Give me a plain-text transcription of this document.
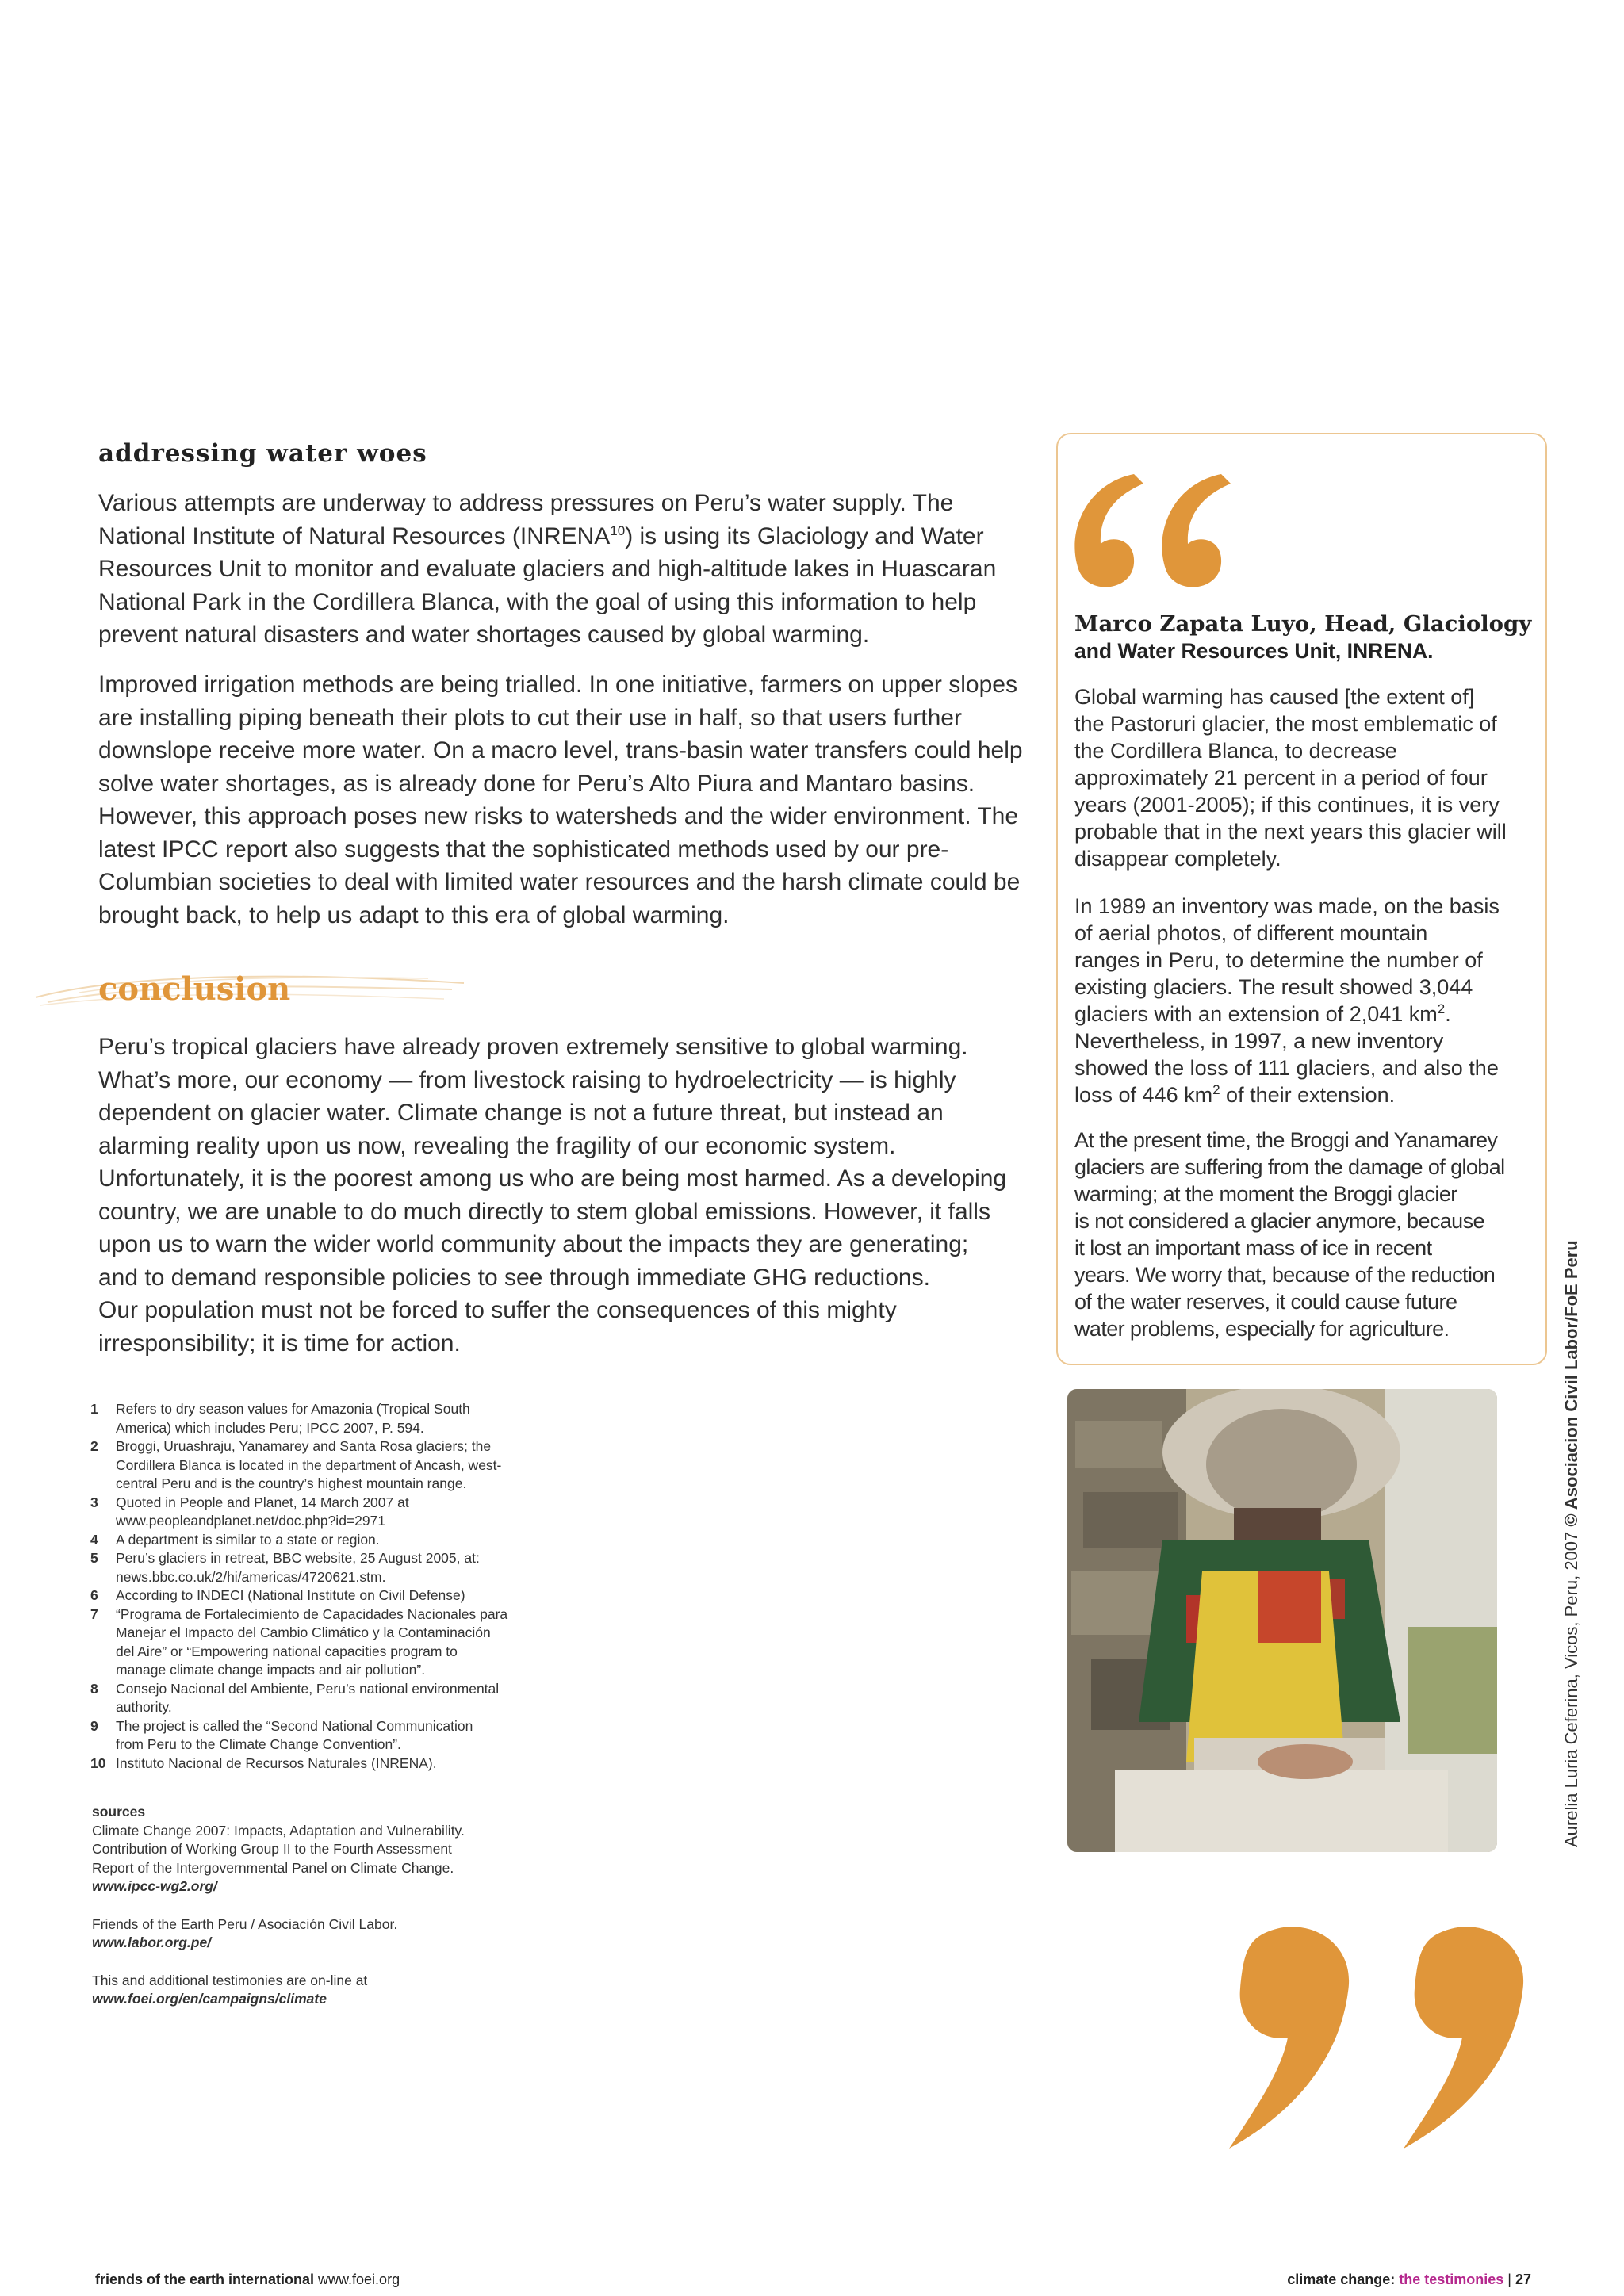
addressing water woes

Various attempts are underway to address pressures on Peru’s water supply. The
National Institute of Natural Resources (INRENA$^{10}$) is using its Glaciology and Water
Resources Unit to monitor and evaluate glaciers and high-altitude lakes in Huascaran
National Park in the Cordillera Blanca, with the goal of using this information to help
prevent natural disasters and water shortages caused by global warming.

Improved irrigation methods are being trialled. In one initiative, farmers on upper slopes
are installing piping beneath their plots to cut their use in half, so that users further
downslope receive more water. On a macro level, trans-basin water transfers could help
solve water shortages, as is already done for Peru’s Alto Piura and Mantaro basins.
However, this approach poses new risks to watersheds and the wider environment. The
latest IPCC report also suggests that the sophisticated methods used by our pre-
Columbian societies to deal with limited water resources and the harsh climate could be
brought back, to help us adapt to this era of global warming.

conclusion

Peru’s tropical glaciers have already proven extremely sensitive to global warming.
What’s more, our economy — from livestock raising to hydroelectricity — is highly
dependent on glacier water. Climate change is not a future threat, but instead an
alarming reality upon us now, revealing the fragility of our economic system.
Unfortunately, it is the poorest among us who are being most harmed. As a developing
country, we are unable to do much directly to stem global emissions. However, it falls
upon us to warn the wider world community about the impacts they are generating;
and to demand responsible policies to see through immediate GHG reductions.
Our population must not be forced to suffer the consequences of this mighty
irresponsibility; it is time for action.

1 Refers to dry season values for Amazonia (Tropical South
America) which includes Peru; IPCC 2007, P. 594.
2 Broggi, Uruashraju, Yanamarey and Santa Rosa glaciers; the
Cordillera Blanca is located in the department of Ancash, west-
central Peru and is the country’s highest mountain range.
3 Quoted in People and Planet, 14 March 2007 at
www.peopleandplanet.net/doc.php?id=2971
4 A department is similar to a state or region.
5 Peru’s glaciers in retreat, BBC website, 25 August 2005, at:
news.bbc.co.uk/2/hi/americas/4720621.stm.
6 According to INDECI (National Institute on Civil Defense)
7 “Programa de Fortalecimiento de Capacidades Nacionales para
Manejar el Impacto del Cambio Climático y la Contaminación
del Aire” or “Empowering national capacities program to
manage climate change impacts and air pollution”.
8 Consejo Nacional del Ambiente, Peru’s national environmental
authority.
9 The project is called the “Second National Communication
from Peru to the Climate Change Convention”.
10 Instituto Nacional de Recursos Naturales (INRENA).

sources

Climate Change 2007: Impacts, Adaptation and Vulnerability.
Contribution of Working Group II to the Fourth Assessment
Report of the Intergovernmental Panel on Climate Change.
www.ipcc-wg2.org/

Friends of the Earth Peru / Asociación Civil Labor.
www.labor.org.pe/

This and additional testimonies are on-line at
www.foei.org/en/campaigns/climate

Marco Zapata Luyo, Head, Glaciology
and Water Resources Unit, INRENA.

Global warming has caused [the extent of]
the Pastoruri glacier, the most emblematic of
the Cordillera Blanca, to decrease
approximately 21 percent in a period of four
years (2001-2005); if this continues, it is very
probable that in the next years this glacier will
disappear completely.

In 1989 an inventory was made, on the basis
of aerial photos, of different mountain
ranges in Peru, to determine the number of
existing glaciers. The result showed 3,044
glaciers with an extension of 2,041 $km^2$.
Nevertheless, in 1997, a new inventory
showed the loss of 111 glaciers, and also the
loss of 446 $km^2$ of their extension.

At the present time, the Broggi and Yanamarey
glaciers are suffering from the damage of global
warming; at the moment the Broggi glacier
is not considered a glacier anymore, because
it lost an important mass of ice in recent
years. We worry that, because of the reduction
of the water reserves, it could cause future
water problems, especially for agriculture.

Aurelia Luria Ceferina, Vicos, Peru, 2007 © Asociacion Civil Labor/FoE Peru
friends of the earth international www.foei.org	climate change: the testimonies | 27
